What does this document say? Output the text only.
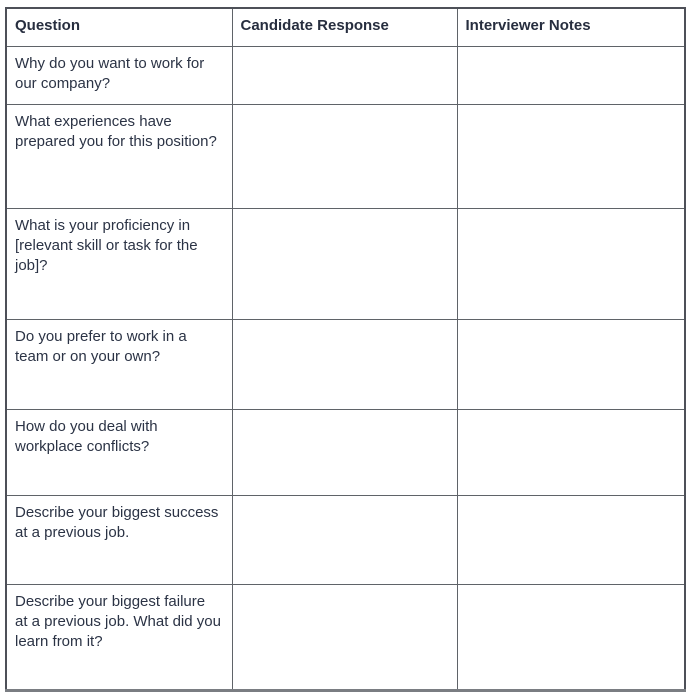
Question	Candidate Response	Interviewer Notes
Why do you want to work for our company?		
What experiences have prepared you for this position?		
What is your proficiency in [relevant skill or task for the job]?		
Do you prefer to work in a team or on your own?		
How do you deal with workplace conflicts?		
Describe your biggest success at a previous job.		
Describe your biggest failure at a previous job. What did you learn from it?		
